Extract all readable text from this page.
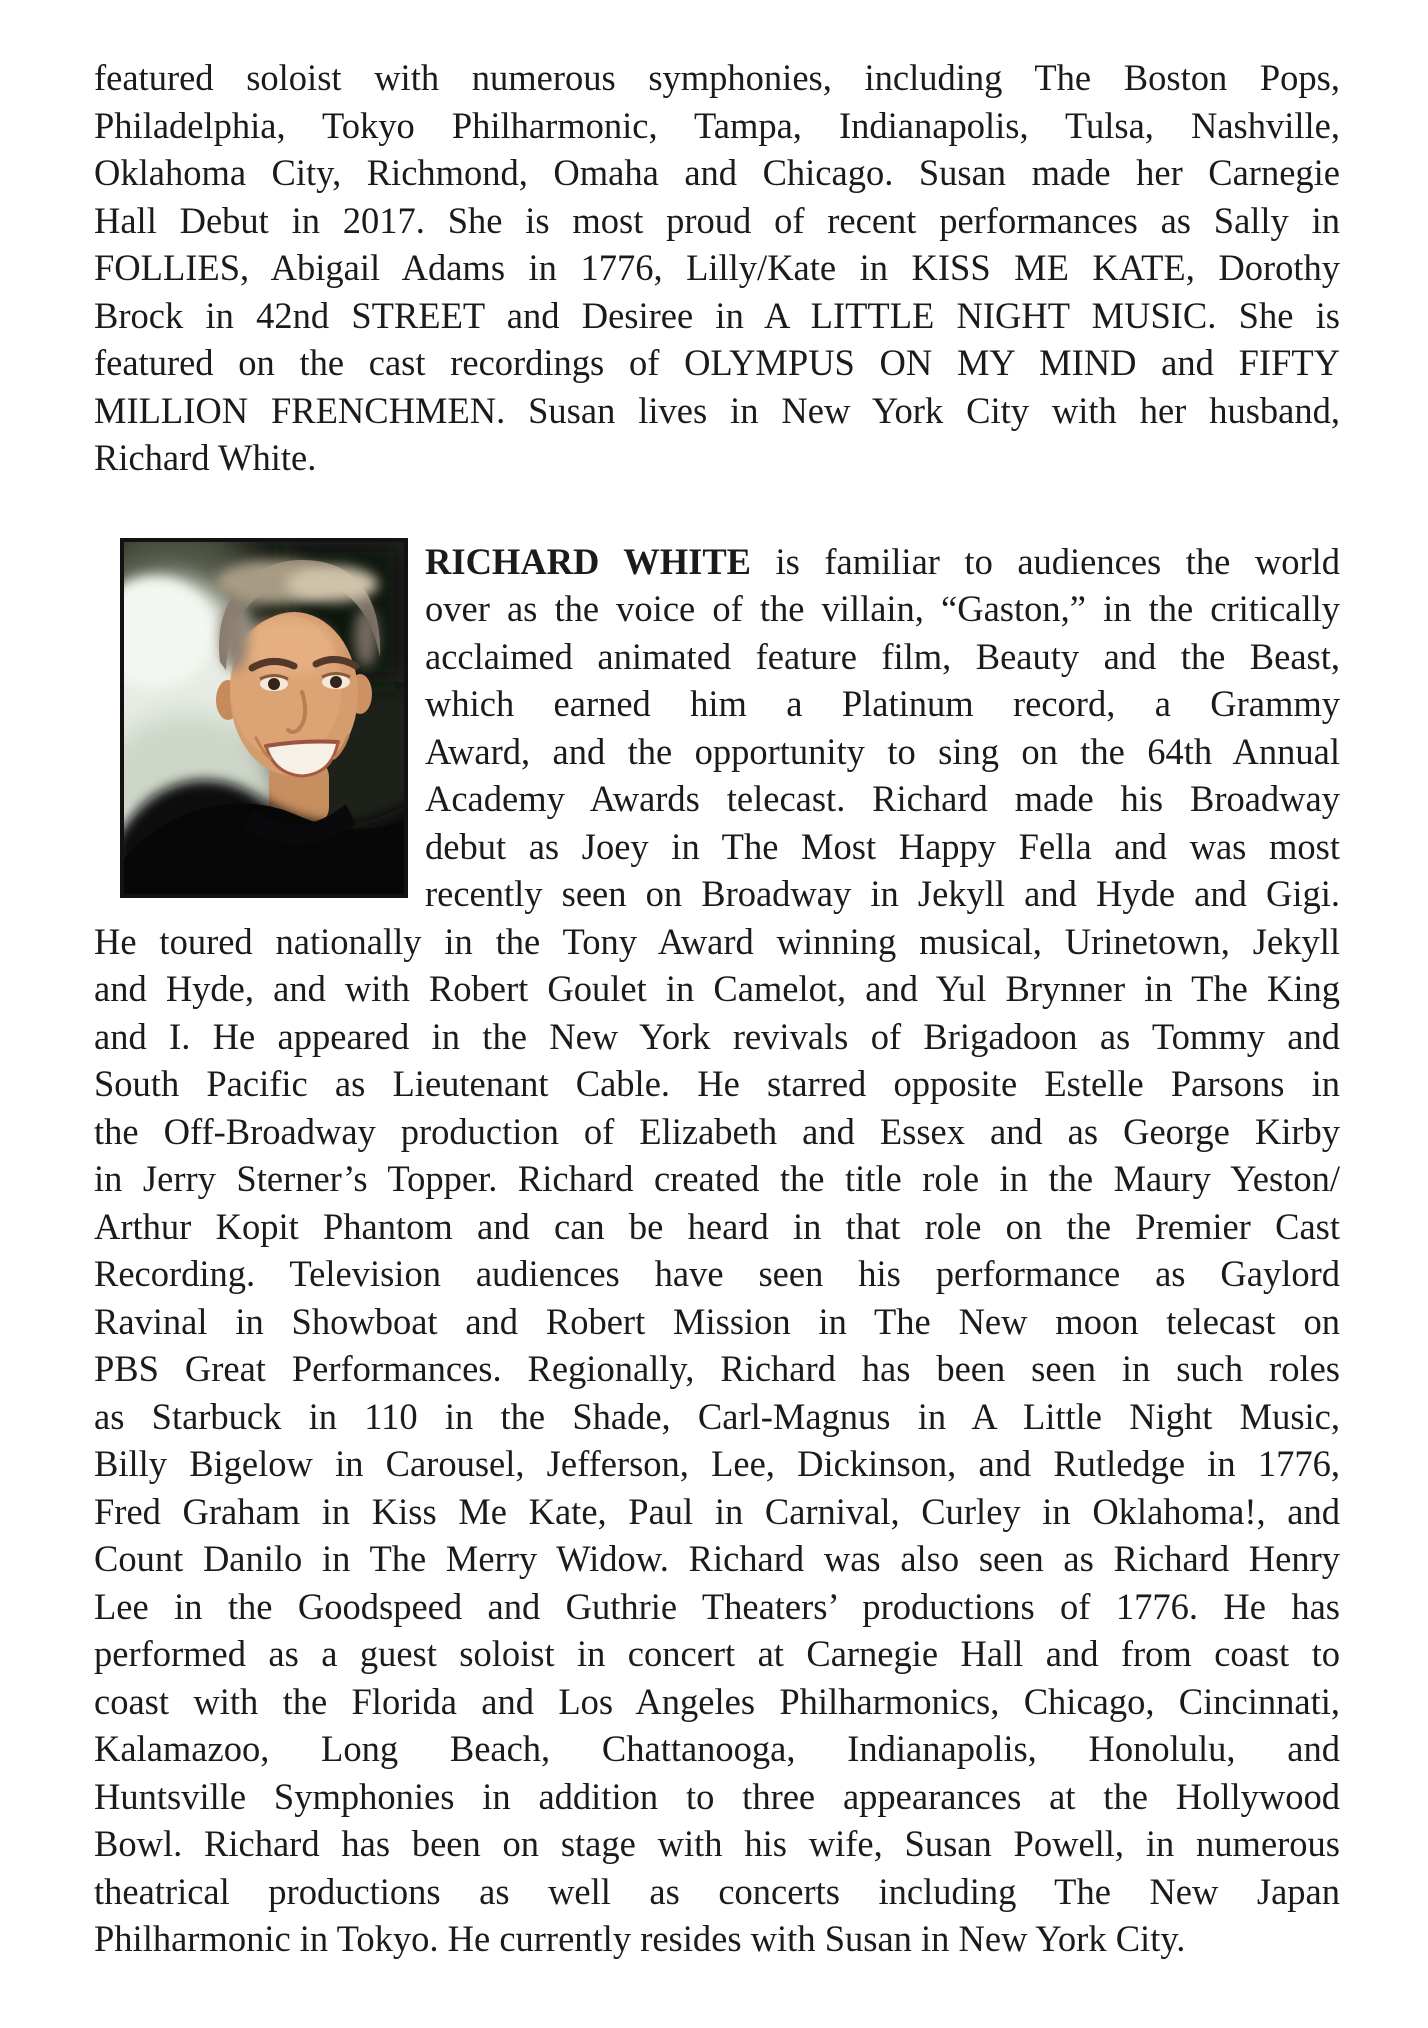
featured soloist with numerous symphonies, including The Boston Pops,
Philadelphia, Tokyo Philharmonic, Tampa, Indianapolis, Tulsa, Nashville,
Oklahoma City, Richmond, Omaha and Chicago. Susan made her Carnegie
Hall Debut in 2017. She is most proud of recent performances as Sally in
FOLLIES, Abigail Adams in 1776, Lilly/Kate in KISS ME KATE, Dorothy
Brock in 42nd STREET and Desiree in A LITTLE NIGHT MUSIC. She is
featured on the cast recordings of OLYMPUS ON MY MIND and FIFTY
MILLION FRENCHMEN. Susan lives in New York City with her husband,
Richard White.
RICHARD WHITE is familiar to audiences the world
over as the voice of the villain, “Gaston,” in the critically
acclaimed animated feature film, Beauty and the Beast,
which earned him a Platinum record, a Grammy
Award, and the opportunity to sing on the 64th Annual
Academy Awards telecast. Richard made his Broadway
debut as Joey in The Most Happy Fella and was most
recently seen on Broadway in Jekyll and Hyde and Gigi.
He toured nationally in the Tony Award winning musical, Urinetown, Jekyll
and Hyde, and with Robert Goulet in Camelot, and Yul Brynner in The King
and I. He appeared in the New York revivals of Brigadoon as Tommy and
South Pacific as Lieutenant Cable. He starred opposite Estelle Parsons in
the Off-Broadway production of Elizabeth and Essex and as George Kirby
in Jerry Sterner’s Topper. Richard created the title role in the Maury Yeston/
Arthur Kopit Phantom and can be heard in that role on the Premier Cast
Recording. Television audiences have seen his performance as Gaylord
Ravinal in Showboat and Robert Mission in The New moon telecast on
PBS Great Performances. Regionally, Richard has been seen in such roles
as Starbuck in 110 in the Shade, Carl-Magnus in A Little Night Music,
Billy Bigelow in Carousel, Jefferson, Lee, Dickinson, and Rutledge in 1776,
Fred Graham in Kiss Me Kate, Paul in Carnival, Curley in Oklahoma!, and
Count Danilo in The Merry Widow. Richard was also seen as Richard Henry
Lee in the Goodspeed and Guthrie Theaters’ productions of 1776. He has
performed as a guest soloist in concert at Carnegie Hall and from coast to
coast with the Florida and Los Angeles Philharmonics, Chicago, Cincinnati,
Kalamazoo, Long Beach, Chattanooga, Indianapolis, Honolulu, and
Huntsville Symphonies in addition to three appearances at the Hollywood
Bowl. Richard has been on stage with his wife, Susan Powell, in numerous
theatrical productions as well as concerts including The New Japan
Philharmonic in Tokyo. He currently resides with Susan in New York City.
